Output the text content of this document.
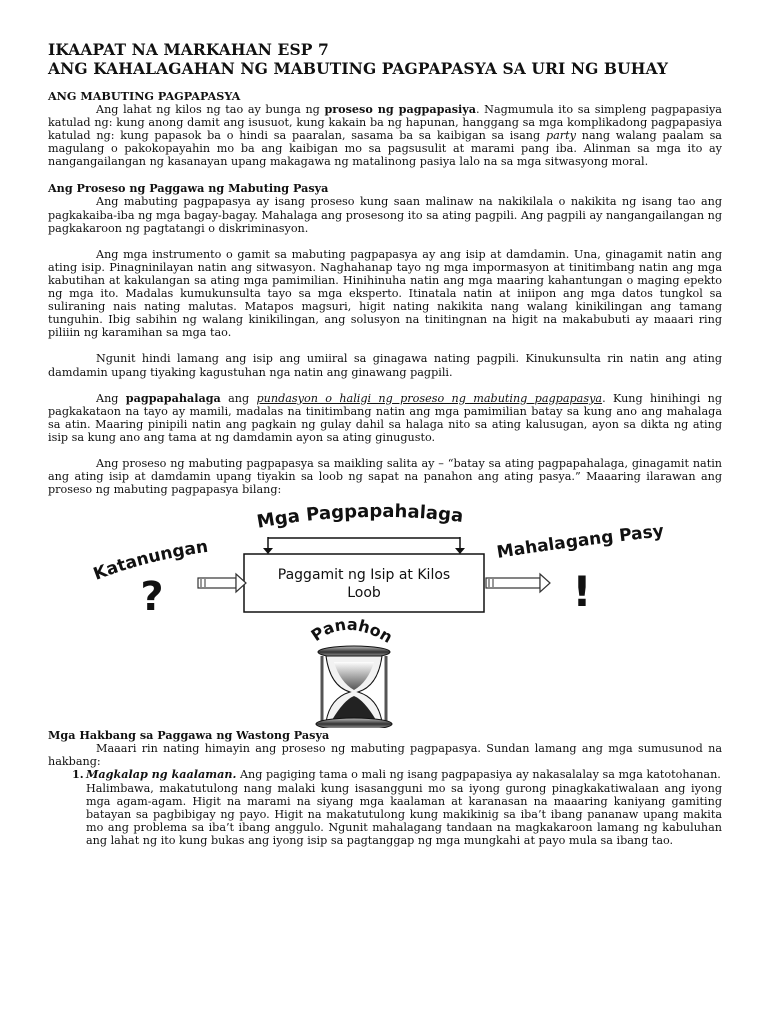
IKAAPAT NA MARKAHAN ESP 7
ANG KAHALAGAHAN NG MABUTING PAGPAPASYA SA URI NG BUHAY
ANG MABUTING PAGPAPASYA

Ang lahat ng kilos ng tao ay bunga ng proseso ng pagpapasiya. Nagmumula ito sa simpleng pagpapasiya katulad ng: kung anong damit ang isusuot, kung kakain ba ng hapunan, hanggang sa mga komplikadong pagpapasiya katulad ng: kung papasok ba o hindi sa paaralan, sasama ba sa kaibigan sa isang party nang walang paalam sa magulang o pakokopayahin mo ba ang kaibigan mo sa pagsusulit at marami pang iba. Alinman sa mga ito ay nangangailangan ng kasanayan upang makagawa ng matalinong pasiya lalo na sa mga sitwasyong moral.

Ang Proseso ng Paggawa ng Mabuting Pasya

Ang mabuting pagpapasya ay isang proseso kung saan malinaw na nakikilala o nakikita ng isang tao ang pagkakaiba-iba ng mga bagay-bagay. Mahalaga ang prosesong ito sa ating pagpili. Ang pagpili ay nangangailangan ng pagkakaroon ng pagtatangi o diskriminasyon.

Ang mga instrumento o gamit sa mabuting pagpapasya ay ang isip at damdamin. Una, ginagamit natin ang ating isip. Pinagninilayan natin ang sitwasyon. Naghahanap tayo ng mga impormasyon at tinitimbang natin ang mga kabutihan at kakulangan sa ating mga pamimilian. Hinihinuha natin ang mga maaring kahantungan o maging epekto ng mga ito. Madalas kumukunsulta tayo sa mga eksperto. Itinatala natin at iniipon ang mga datos tungkol sa suliraning nais nating malutas. Matapos magsuri, higit nating nakikita nang walang kinikilingan ang tamang tunguhin. Ibig sabihin ng walang kinikilingan, ang solusyon na tinitingnan na higit na makabubuti ay maaari ring piliiin ng karamihan sa mga tao.

Ngunit hindi lamang ang isip ang umiiral sa ginagawa nating pagpili. Kinukunsulta rin natin ang ating damdamin upang tiyaking kagustuhan nga natin ang ginawang pagpili.

Ang pagpapahalaga ang pundasyon o haligi ng proseso ng mabuting pagpapasya. Kung hinihingi ng pagkakataon na tayo ay mamili, madalas na tinitimbang natin ang mga pamimilian batay sa kung ano ang mahalaga sa atin. Maaring pinipili natin ang pagkain ng gulay dahil sa halaga nito sa ating kalusugan, ayon sa dikta ng ating isip sa kung ano ang tama at ng damdamin ayon sa ating ginugusto.

Ang proseso ng mabuting pagpapasya sa maikling salita ay – “batay sa ating pagpapahalaga, ginagamit natin ang ating isip at damdamin upang tiyakin sa loob ng sapat na panahon ang ating pasya.” Maaaring ilarawan ang proseso ng mabuting pagpapasya bilang:

Mga Pagpapahalaga
Paggamit ng Isip at Kilos
Loob
Katanungan
?
Mahalagang Pasy
!
Panahon
Mga Hakbang sa Paggawa ng Wastong Pasya

Maaari rin nating himayin ang proseso ng mabuting pagpapasya. Sundan lamang ang mga sumusunod na hakbang:

1. Magkalap ng kaalaman. Ang pagiging tama o mali ng isang pagpapasiya ay nakasalalay sa mga katotohanan.

Halimbawa, makatutulong nang malaki kung isasangguni mo sa iyong gurong pinagkakatiwalaan ang iyong mga agam-agam. Higit na marami na siyang mga kaalaman at karanasan na maaaring kaniyang gamiting batayan sa pagbibigay ng payo. Higit na makatutulong kung makikinig sa iba’t ibang pananaw upang makita mo ang problema sa iba’t ibang anggulo. Ngunit mahalagang tandaan na magkakaroon lamang ng kabuluhan ang lahat ng ito kung bukas ang iyong isip sa pagtanggap ng mga mungkahi at payo mula sa ibang tao.
